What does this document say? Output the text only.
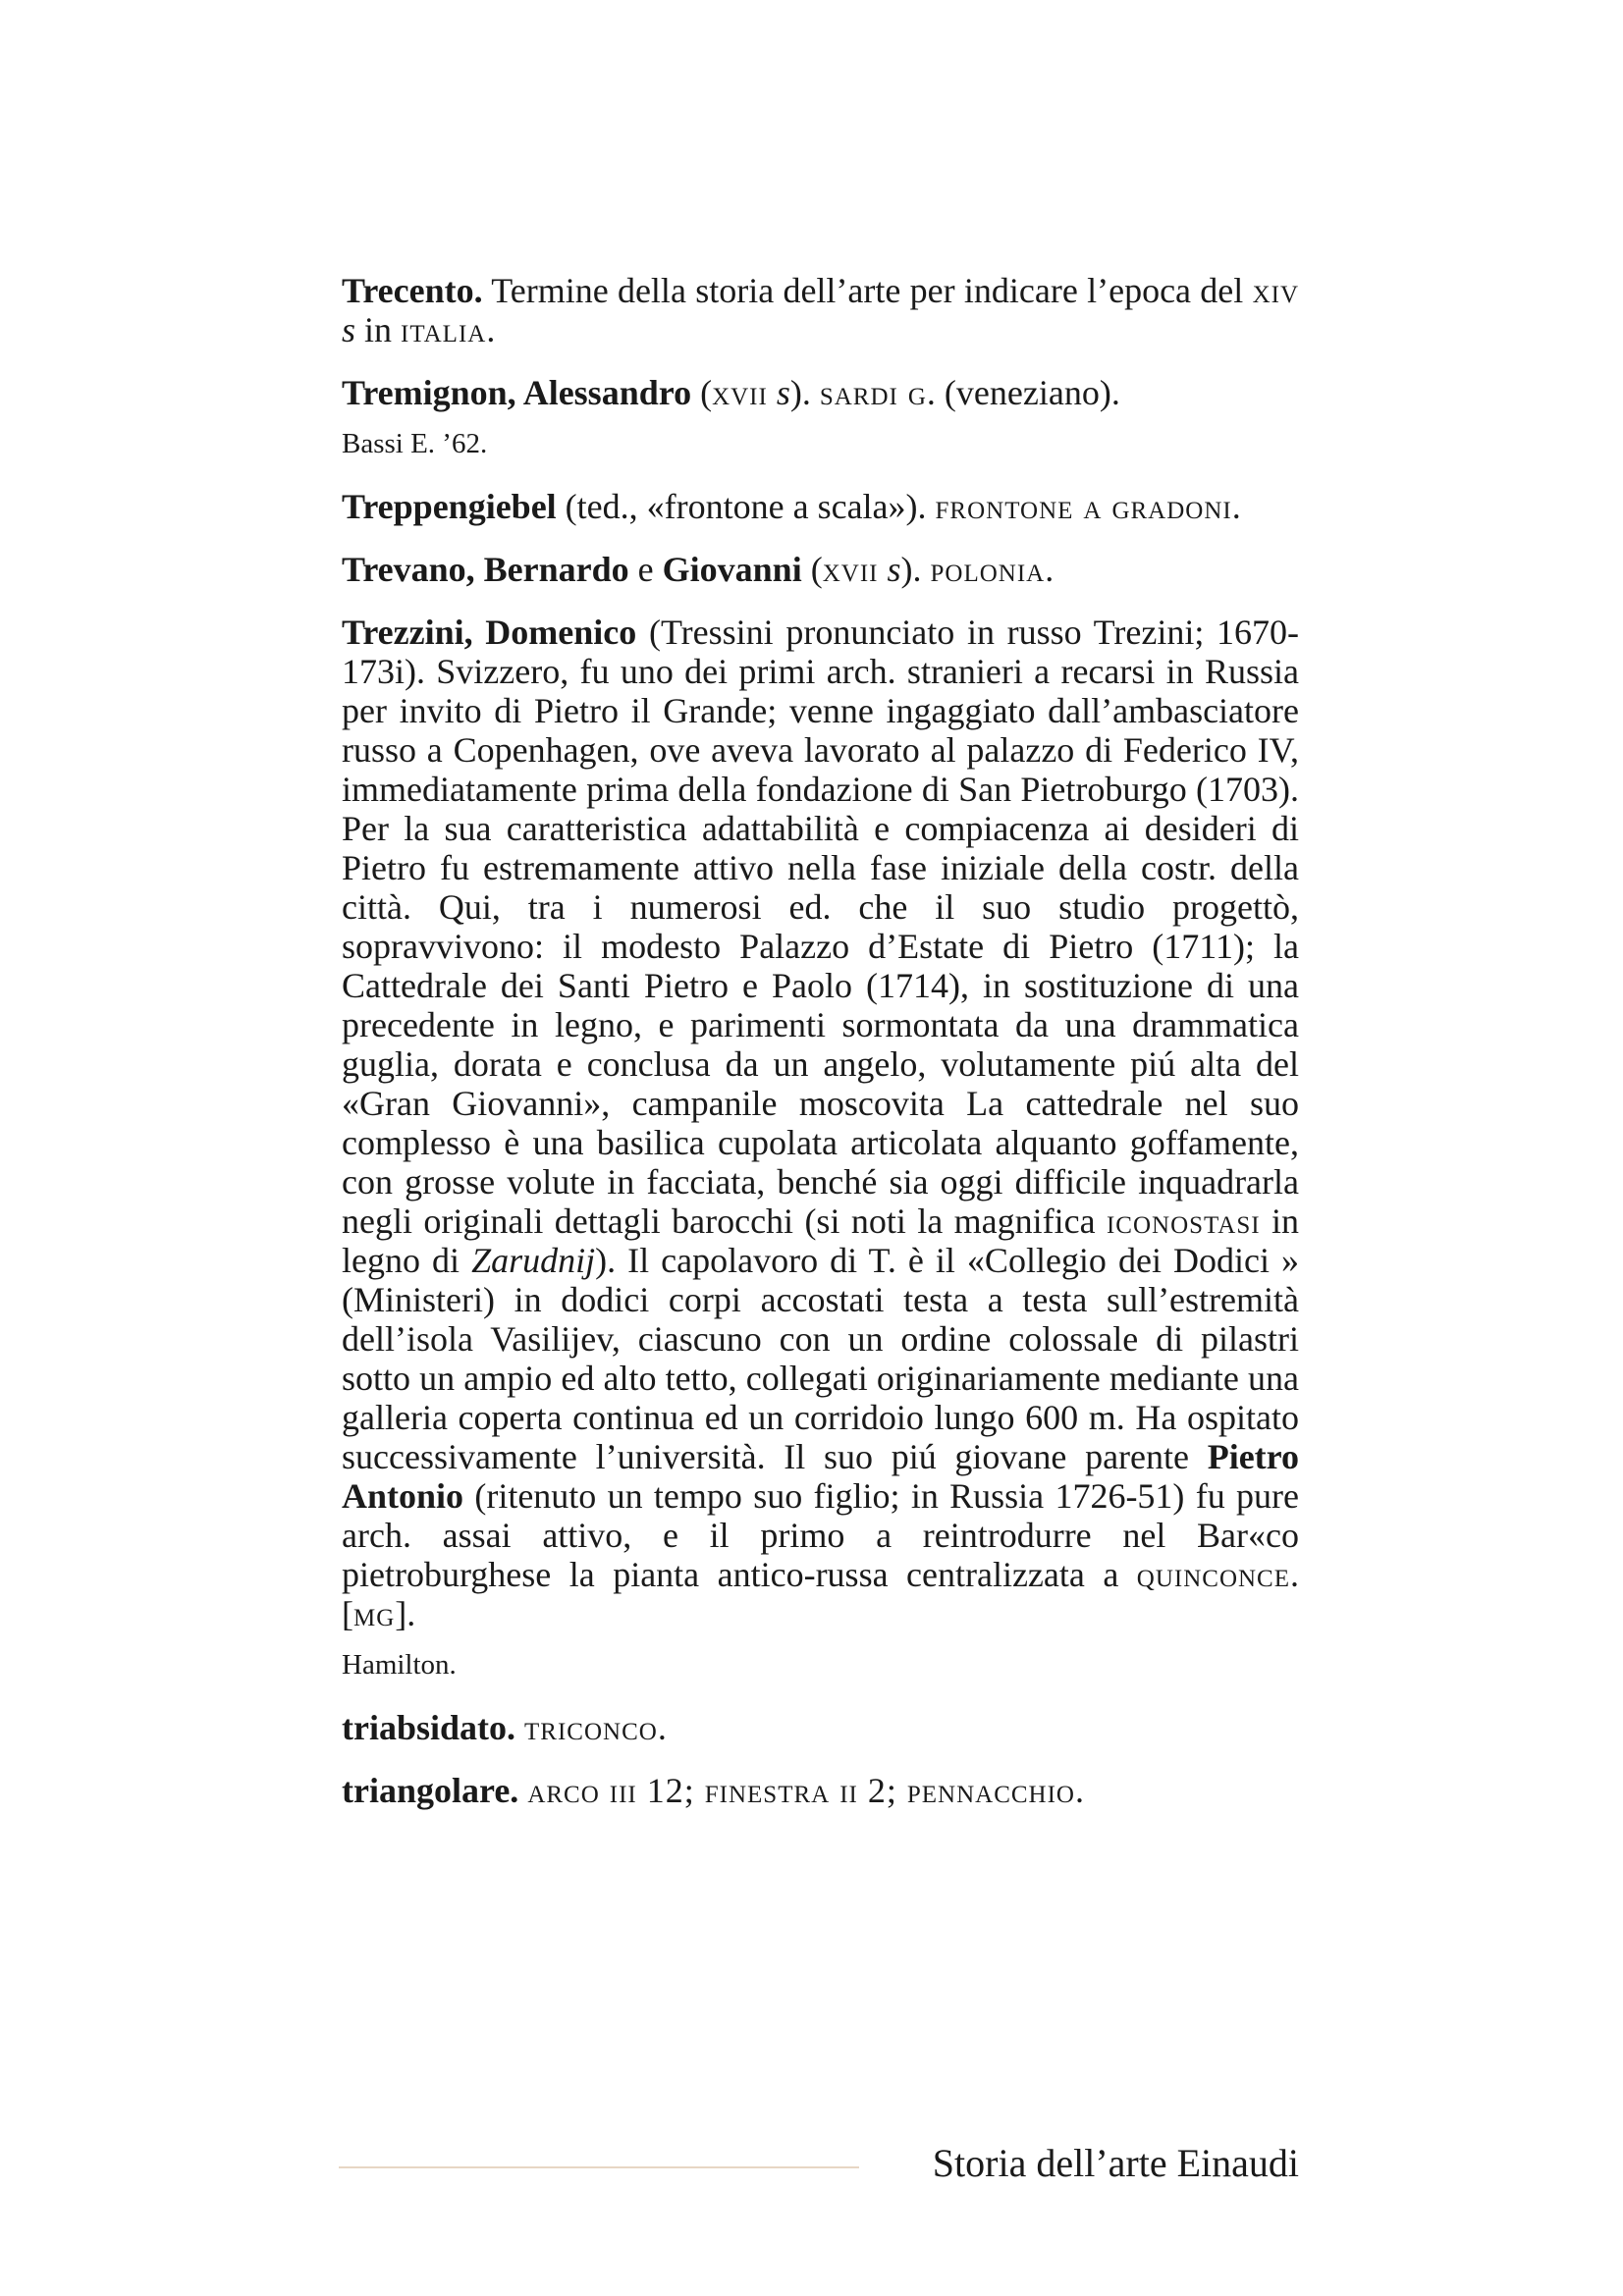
Trecento. Termine della storia dell’arte per indicare l’epoca del xiv s in italia.

Tremignon, Alessandro (xvii s). sardi g. (veneziano).

Bassi E. ’62.

Treppengiebel (ted., «frontone a scala»). frontone a gradoni.

Trevano, Bernardo e Giovanni (xvii s). polonia.

Trezzini, Domenico (Tressini pronunciato in russo Trezini; 1670-173i). Svizzero, fu uno dei primi arch. stranieri a recarsi in Russia per invito di Pietro il Grande; venne ingaggiato dall’ambasciatore russo a Copenhagen, ove aveva lavorato al palazzo di Federico IV, immediatamente prima della fondazione di San Pietroburgo (1703). Per la sua caratteristica adattabilità e compiacenza ai desideri di Pietro fu estremamente attivo nella fase iniziale della costr. della città. Qui, tra i numerosi ed. che il suo studio progettò, sopravvivono: il modesto Palazzo d’Estate di Pietro (1711); la Cattedrale dei Santi Pietro e Paolo (1714), in sostituzione di una precedente in legno, e parimenti sormontata da una drammatica guglia, dorata e conclusa da un angelo, volutamente piú alta del «Gran Giovanni», campanile moscovita La cattedrale nel suo complesso è una basilica cupolata articolata alquanto goffamente, con grosse volute in facciata, benché sia oggi difficile inquadrarla negli originali dettagli barocchi (si noti la magnifica iconostasi in legno di Zarudnij). Il capolavoro di T. è il «Collegio dei Dodici » (Ministeri) in dodici corpi accostati testa a testa sull’estremità dell’isola Vasilijev, ciascuno con un ordine colossale di pilastri sotto un ampio ed alto tetto, collegati originariamente mediante una galleria coperta continua ed un corridoio lungo 600 m. Ha ospitato successivamente l’università. Il suo piú giovane parente Pietro Antonio (ritenuto un tempo suo figlio; in Russia 1726-51) fu pure arch. assai attivo, e il primo a reintrodurre nel Bar«co pietroburghese la pianta antico-russa centralizzata a quinconce. [mg].

Hamilton.

triabsidato. triconco.

triangolare. arco iii 12; finestra ii 2; pennacchio.

Storia dell’arte Einaudi
